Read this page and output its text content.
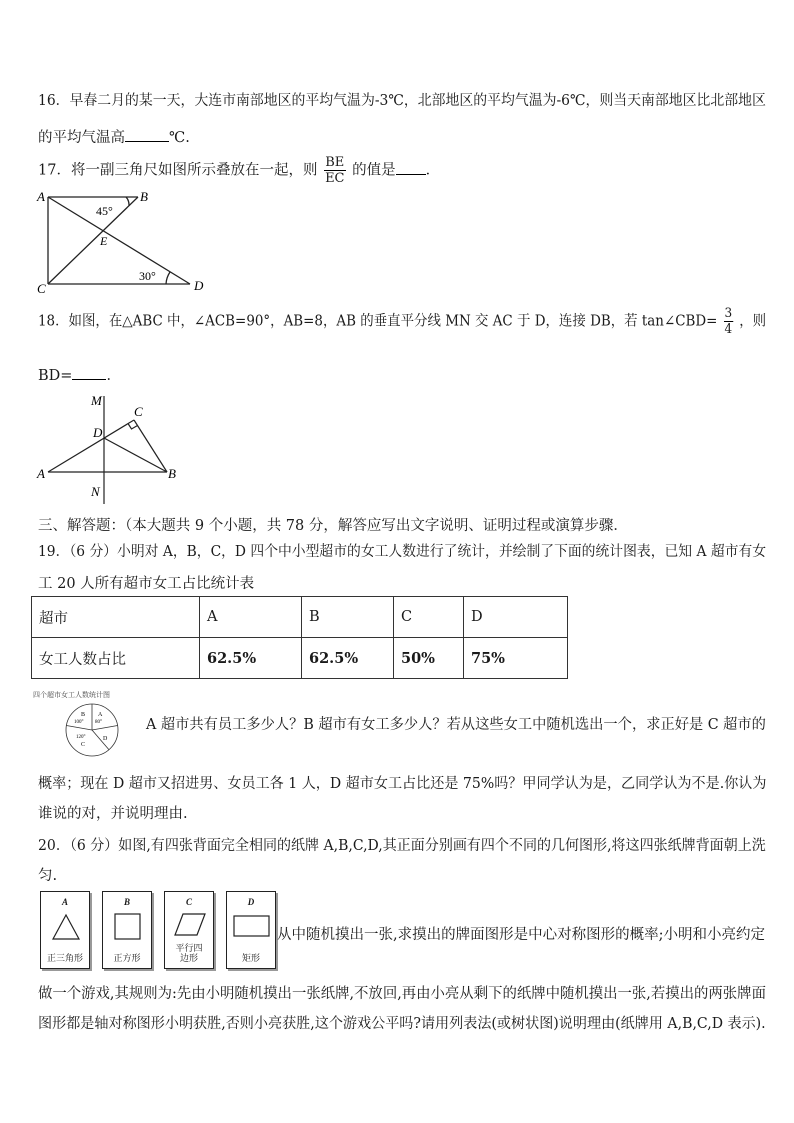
16．早春二月的某一天，大连市南部地区的平均气温为-3℃，北部地区的平均气温为-6℃，则当天南部地区比北部地区
的平均气温高	℃.
17．将一副三角尺如图所示叠放在一起，则 $\frac{BE}{EC}$ 的值是 ．
A	B
C	D
E
45°
30°
18．如图，在△ABC 中，∠ACB=90°，AB=8，AB 的垂直平分线 MN 交 AC 于 D，连接 DB，若 tan∠CBD= $\frac{3}{4}$ ，则
BD= ．
M
C
D
A	B
N
三、解答题：（本大题共 9 个小题，共 78 分，解答应写出文字说明、证明过程或演算步骤．
19．（6 分）小明对 A，B，C，D 四个中小型超市的女工人数进行了统计，并绘制了下面的统计图表，已知 A 超市有女
工 20 人所有超市女工占比统计表
超市	A	B	C	D
女工人数占比	62.5%	62.5%	50%	75%
四个超市女工人数统计图
B A
100° 80°
120°
C
D
A 超市共有员工多少人？B 超市有女工多少人？若从这些女工中随机选出一个，求正好是 C 超市的
概率；现在 D 超市又招进男、女员工各 1 人，D 超市女工占比还是 75%吗？甲同学认为是，乙同学认为不是.你认为
谁说的对，并说明理由.
20．（6 分）如图,有四张背面完全相同的纸牌 A,B,C,D,其正面分别画有四个不同的几何图形,将这四张纸牌背面朝上洗
匀.
A
正三角形
B
正方形
C
平行四
边形
D
矩形
从中随机摸出一张,求摸出的牌面图形是中心对称图形的概率;小明和小亮约定
做一个游戏,其规则为:先由小明随机摸出一张纸牌,不放回,再由小亮从剩下的纸牌中随机摸出一张,若摸出的两张牌面
图形都是轴对称图形小明获胜,否则小亮获胜,这个游戏公平吗?请用列表法(或树状图)说明理由(纸牌用 A,B,C,D 表示).
